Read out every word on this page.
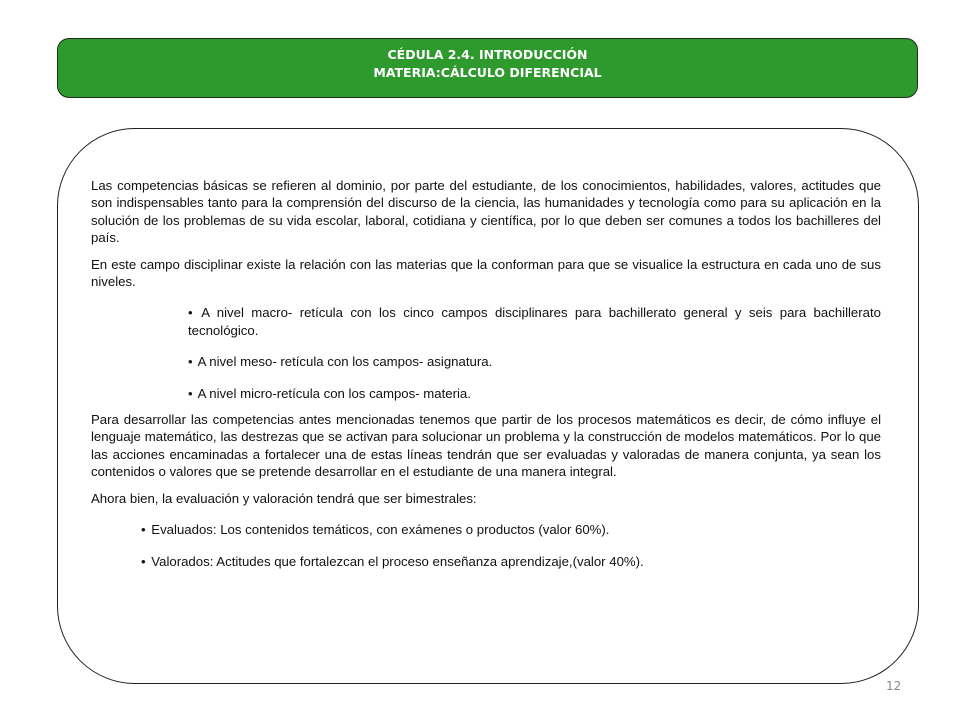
CÉDULA 2.4. INTRODUCCIÓN
MATERIA:CÁLCULO DIFERENCIAL

Las competencias básicas se refieren al dominio, por parte del estudiante, de los conocimientos, habilidades, valores, actitudes que son indispensables tanto para la comprensión del discurso de la ciencia, las humanidades y tecnología como para su aplicación en la solución de los problemas de su vida escolar, laboral, cotidiana y científica, por lo que deben ser comunes a todos los bachilleres del país.

En este campo disciplinar existe la relación con las materias que la conforman para que se visualice la estructura en cada uno de sus niveles.

• A nivel macro- retícula con los cinco campos disciplinares para bachillerato general y seis para bachillerato tecnológico.
• A nivel meso- retícula con los campos- asignatura.
• A nivel micro-retícula con los campos- materia.

Para desarrollar las competencias antes mencionadas tenemos que partir de los procesos matemáticos es decir, de cómo influye el lenguaje matemático, las destrezas que se activan para solucionar un problema y la construcción de modelos matemáticos. Por lo que las acciones encaminadas a fortalecer una de estas líneas tendrán que ser evaluadas y valoradas de manera conjunta, ya sean los contenidos o valores que se pretende desarrollar en el estudiante de una manera integral.

Ahora bien, la evaluación y valoración tendrá que ser bimestrales:

• Evaluados: Los contenidos temáticos, con exámenes o productos (valor 60%).
• Valorados: Actitudes que fortalezcan el proceso enseñanza aprendizaje,(valor 40%).
12
